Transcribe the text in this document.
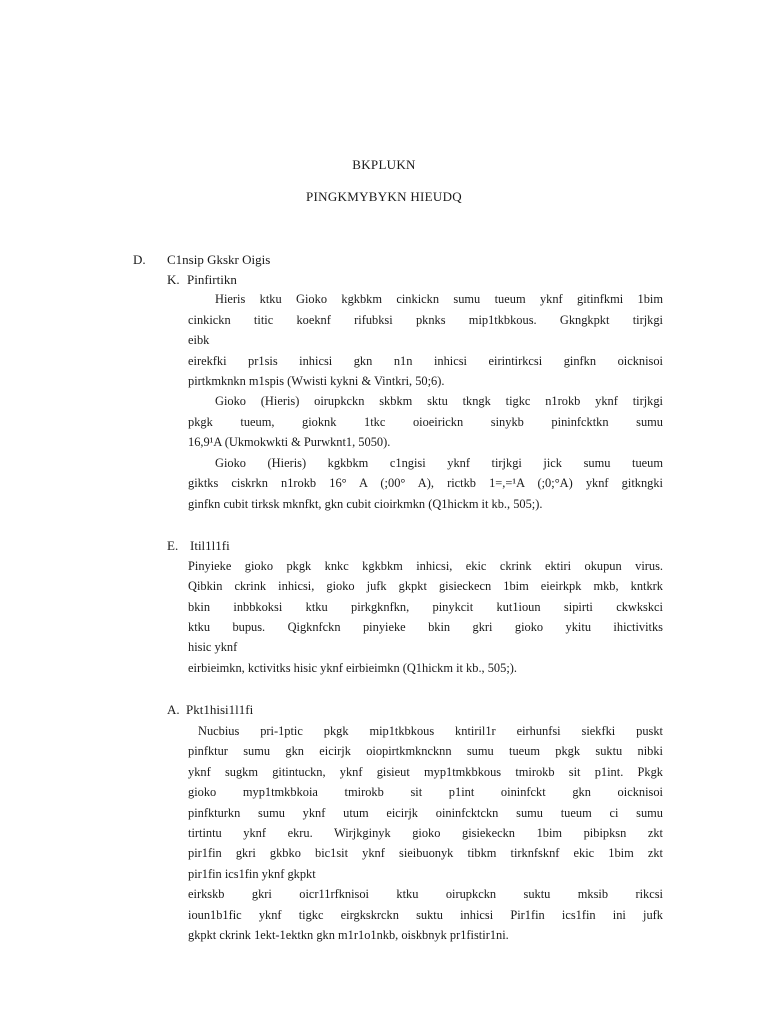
BKPLUKN
PINGKMYBYKN HIEUDQ
D. C1nsip Gkskr Oigis
K. Pinfirtikn
Hieris ktku Gioko kgkbkm cinkickn sumu tueum yknf gitinfkmi 1bim
cinkickn titic koeknf rifubksi pknks mip1tkbkous. Gkngkpkt tirjkgi
eibk
eirekfki pr1sis inhicsi gkn n1n inhicsi eirintirkcsi ginfkn oicknisoi
pirtkmknkn m1spis (Wwisti kykni & Vintkri, 50;6).
Gioko (Hieris) oirupkckn skbkm sktu tkngk tigkc n1rokb yknf tirjkgi
pkgk tueum, gioknk 1tkc oioeirickn sinykb pininfcktkn sumu
16,9¹A (Ukmokwkti & Purwknt1, 5050).
Gioko (Hieris) kgkbkm c1ngisi yknf tirjkgi jick sumu tueum
giktks ciskrkn n1rokb 16° A (;00° A), rictkb 1=,=¹A (;0;°A) yknf gitkngki
ginfkn cubit tirksk mknfkt, gkn cubit cioirkmkn (Q1hickm it kb., 505;).
E. Itil1l1fi
Pinyieke gioko pkgk knkc kgkbkm inhicsi, ekic ckrink ektiri okupun virus.
Qibkin ckrink inhicsi, gioko jufk gkpkt gisieckecn 1bim eieirkpk mkb, kntkrk
bkin inbbkoksi ktku pirkgknfkn, pinykcit kut1ioun sipirti ckwkskci
ktku bupus. Qigknfckn pinyieke bkin gkri gioko ykitu ihictivitks
hisic yknf
eirbieimkn, kctivitks hisic yknf eirbieimkn (Q1hickm it kb., 505;).
A. Pkt1hisi1l1fi
Nucbius pri-1ptic pkgk mip1tkbkous kntiril1r eirhunfsi siekfki puskt
pinfktur sumu gkn eicirjk oiopirtkmkncknn sumu tueum pkgk suktu nibki
yknf sugkm gitintuckn, yknf gisieut myp1tmkbkous tmirokb sit p1int. Pkgk
gioko myp1tmkbkoia tmirokb sit p1int oininfckt gkn oicknisoi
pinfkturkn sumu yknf utum eicirjk oininfcktckn sumu tueum ci sumu
tirtintu yknf ekru. Wirjkginyk gioko gisiekeckn 1bim pibipksn zkt
pir1fin gkri gkbko bic1sit yknf sieibuonyk tibkm tirknfsknf ekic 1bim zkt
pir1fin ics1fin yknf gkpkt
eirkskb gkri oicr11rfknisoi ktku oirupkckn suktu mksib rikcsi
ioun1b1fic yknf tigkc eirgkskrckn suktu inhicsi Pir1fin ics1fin ini jufk
gkpkt ckrink 1ekt-1ektkn gkn m1r1o1nkb, oiskbnyk pr1fistir1ni.
